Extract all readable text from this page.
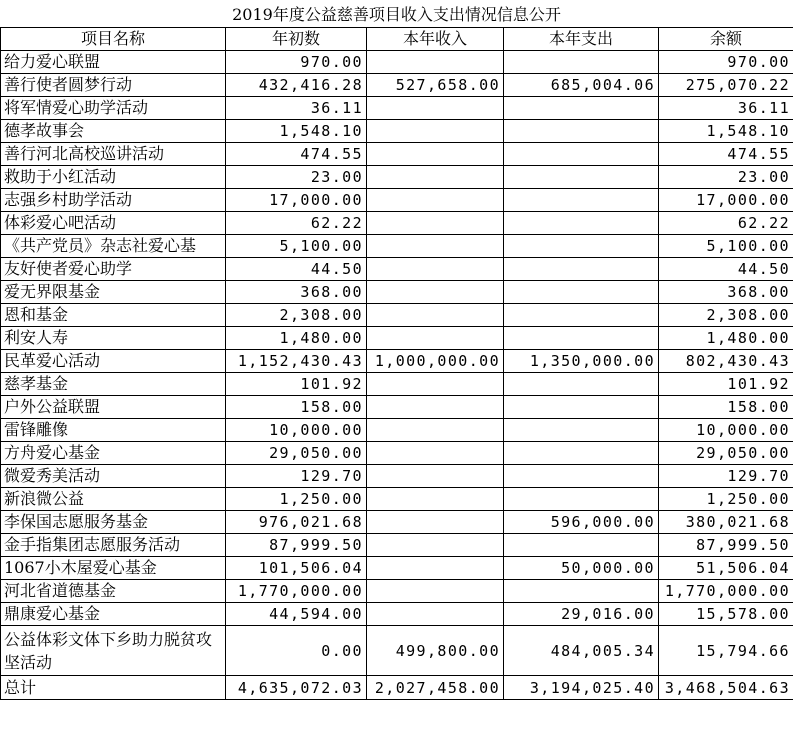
2019年度公益慈善项目收入支出情况信息公开
项目名称	年初数	本年收入	本年支出	余额
给力爱心联盟	970.00			970.00
善行使者圆梦行动	432,416.28	527,658.00	685,004.06	275,070.22
将军情爱心助学活动	36.11			36.11
德孝故事会	1,548.10			1,548.10
善行河北高校巡讲活动	474.55			474.55
救助于小红活动	23.00			23.00
志强乡村助学活动	17,000.00			17,000.00
体彩爱心吧活动	62.22			62.22
《共产党员》杂志社爱心基	5,100.00			5,100.00
友好使者爱心助学	44.50			44.50
爱无界限基金	368.00			368.00
恩和基金	2,308.00			2,308.00
利安人寿	1,480.00			1,480.00
民革爱心活动	1,152,430.43	1,000,000.00	1,350,000.00	802,430.43
慈孝基金	101.92			101.92
户外公益联盟	158.00			158.00
雷锋雕像	10,000.00			10,000.00
方舟爱心基金	29,050.00			29,050.00
微爱秀美活动	129.70			129.70
新浪微公益	1,250.00			1,250.00
李保国志愿服务基金	976,021.68		596,000.00	380,021.68
金手指集团志愿服务活动	87,999.50			87,999.50
1067小木屋爱心基金	101,506.04		50,000.00	51,506.04
河北省道德基金	1,770,000.00			1,770,000.00
鼎康爱心基金	44,594.00		29,016.00	15,578.00
公益体彩文体下乡助力脱贫攻坚活动	0.00	499,800.00	484,005.34	15,794.66
总计	4,635,072.03	2,027,458.00	3,194,025.40	3,468,504.63
